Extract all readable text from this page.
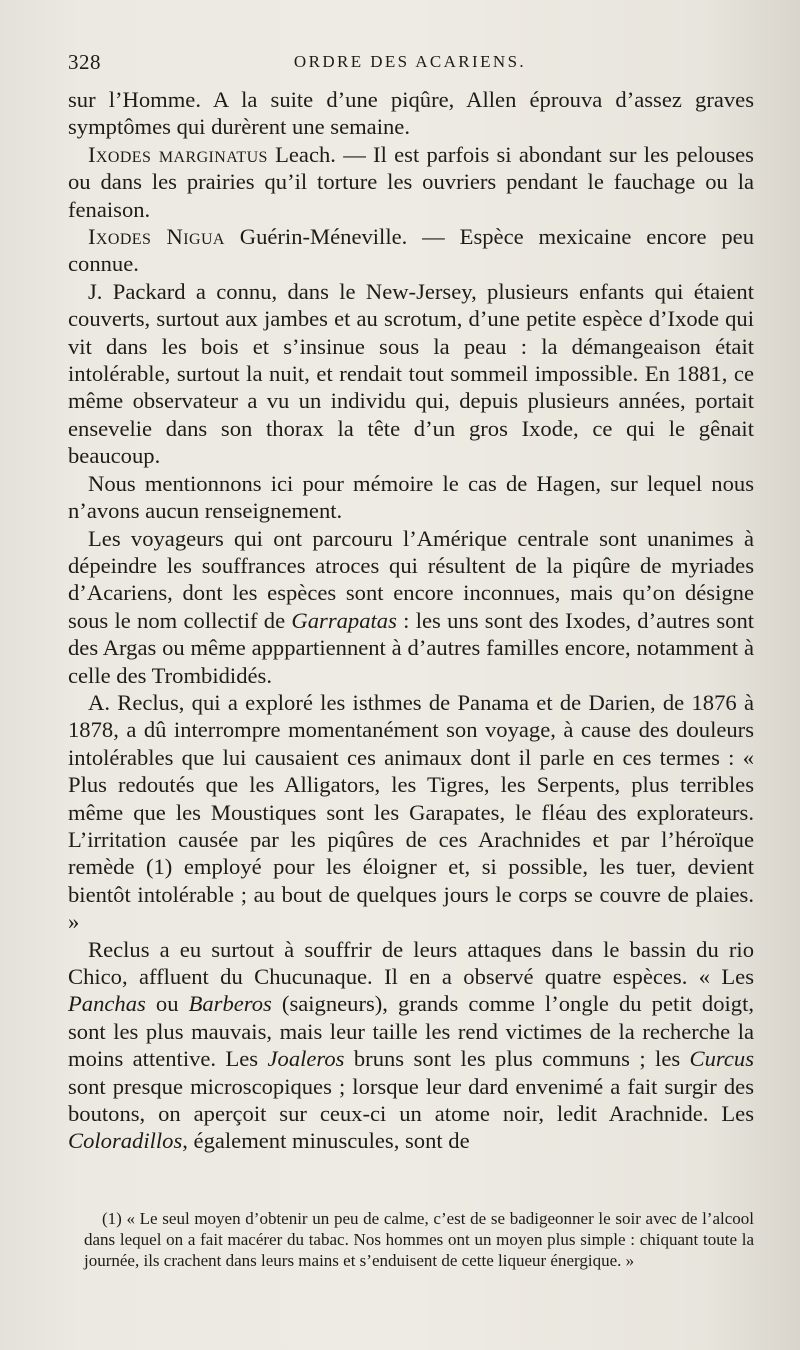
328	ORDRE DES ACARIENS.

sur l’Homme. A la suite d’une piqûre, Allen éprouva d’assez graves symptômes qui durèrent une semaine.

Ixodes marginatus Leach. — Il est parfois si abondant sur les pelouses ou dans les prairies qu’il torture les ouvriers pendant le fauchage ou la fenaison.

Ixodes Nigua Guérin-Méneville. — Espèce mexicaine encore peu connue.

J. Packard a connu, dans le New-Jersey, plusieurs enfants qui étaient couverts, surtout aux jambes et au scrotum, d’une petite espèce d’Ixode qui vit dans les bois et s’insinue sous la peau : la démangeaison était intolérable, surtout la nuit, et rendait tout sommeil impossible. En 1881, ce même observateur a vu un individu qui, depuis plusieurs années, portait ensevelie dans son thorax la tête d’un gros Ixode, ce qui le gênait beaucoup.

Nous mentionnons ici pour mémoire le cas de Hagen, sur lequel nous n’avons aucun renseignement.

Les voyageurs qui ont parcouru l’Amérique centrale sont unanimes à dépeindre les souffrances atroces qui résultent de la piqûre de myriades d’Acariens, dont les espèces sont encore inconnues, mais qu’on désigne sous le nom collectif de Garrapatas : les uns sont des Ixodes, d’autres sont des Argas ou même apppartiennent à d’autres familles encore, notamment à celle des Trombididés.

A. Reclus, qui a exploré les isthmes de Panama et de Darien, de 1876 à 1878, a dû interrompre momentanément son voyage, à cause des douleurs intolérables que lui causaient ces animaux dont il parle en ces termes : « Plus redoutés que les Alligators, les Tigres, les Serpents, plus terribles même que les Moustiques sont les Garapates, le fléau des explorateurs. L’irritation causée par les piqûres de ces Arachnides et par l’héroïque remède (1) employé pour les éloigner et, si possible, les tuer, devient bientôt intolérable ; au bout de quelques jours le corps se couvre de plaies. »

Reclus a eu surtout à souffrir de leurs attaques dans le bassin du rio Chico, affluent du Chucunaque. Il en a observé quatre espèces. « Les Panchas ou Barberos (saigneurs), grands comme l’ongle du petit doigt, sont les plus mauvais, mais leur taille les rend victimes de la recherche la moins attentive. Les Joaleros bruns sont les plus communs ; les Curcus sont presque microscopiques ; lorsque leur dard envenimé a fait surgir des boutons, on aperçoit sur ceux-ci un atome noir, ledit Arachnide. Les Coloradillos, également minuscules, sont de

(1) « Le seul moyen d’obtenir un peu de calme, c’est de se badigeonner le soir avec de l’alcool dans lequel on a fait macérer du tabac. Nos hommes ont un moyen plus simple : chiquant toute la journée, ils crachent dans leurs mains et s’enduisent de cette liqueur énergique. »
